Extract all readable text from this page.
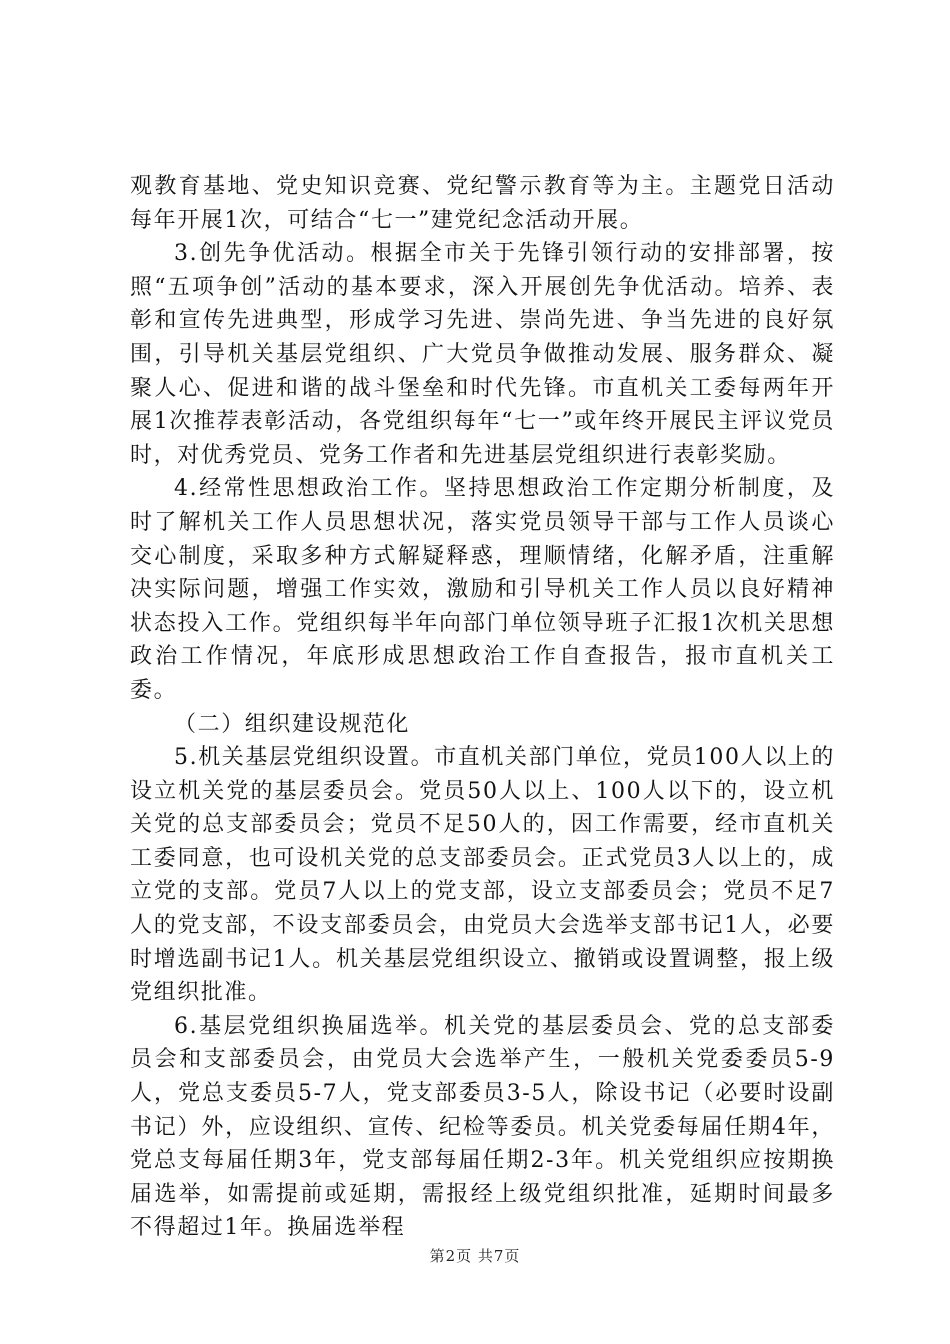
观教育基地、党史知识竞赛、党纪警示教育等为主。主题党日活动每年开展1次，可结合“七一”建党纪念活动开展。

3.创先争优活动。根据全市关于先锋引领行动的安排部署，按照“五项争创”活动的基本要求，深入开展创先争优活动。培养、表彰和宣传先进典型，形成学习先进、崇尚先进、争当先进的良好氛围，引导机关基层党组织、广大党员争做推动发展、服务群众、凝聚人心、促进和谐的战斗堡垒和时代先锋。市直机关工委每两年开展1次推荐表彰活动，各党组织每年“七一”或年终开展民主评议党员时，对优秀党员、党务工作者和先进基层党组织进行表彰奖励。

4.经常性思想政治工作。坚持思想政治工作定期分析制度，及时了解机关工作人员思想状况，落实党员领导干部与工作人员谈心交心制度，采取多种方式解疑释惑，理顺情绪，化解矛盾，注重解决实际问题，增强工作实效，激励和引导机关工作人员以良好精神状态投入工作。党组织每半年向部门单位领导班子汇报1次机关思想政治工作情况，年底形成思想政治工作自查报告，报市直机关工委。

（二）组织建设规范化

5.机关基层党组织设置。市直机关部门单位，党员100人以上的设立机关党的基层委员会。党员50人以上、100人以下的，设立机关党的总支部委员会；党员不足50人的，因工作需要，经市直机关工委同意，也可设机关党的总支部委员会。正式党员3人以上的，成立党的支部。党员7人以上的党支部，设立支部委员会；党员不足7人的党支部，不设支部委员会，由党员大会选举支部书记1人，必要时增选副书记1人。机关基层党组织设立、撤销或设置调整，报上级党组织批准。

6.基层党组织换届选举。机关党的基层委员会、党的总支部委员会和支部委员会，由党员大会选举产生，一般机关党委委员5-9人，党总支委员5-7人，党支部委员3-5人，除设书记（必要时设副书记）外，应设组织、宣传、纪检等委员。机关党委每届任期4年，党总支每届任期3年，党支部每届任期2-3年。机关党组织应按期换届选举，如需提前或延期，需报经上级党组织批准，延期时间最多不得超过1年。换届选举程

第2页 共7页
